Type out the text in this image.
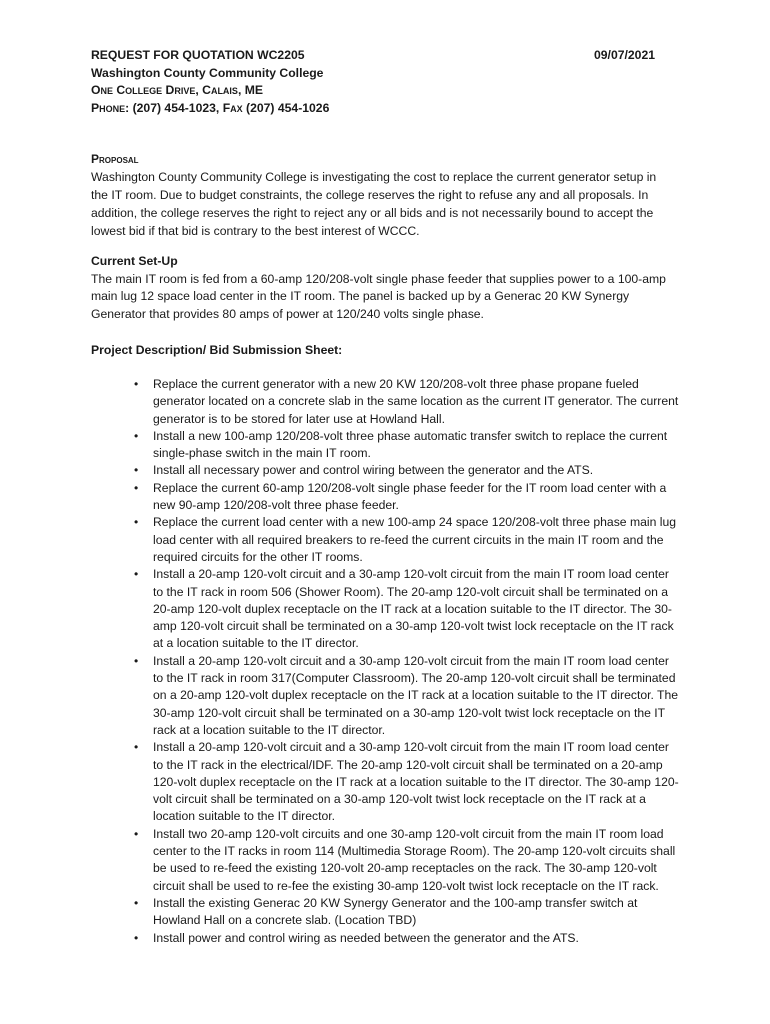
REQUEST FOR QUOTATION WC2205	09/07/2021
Washington County Community College
One College Drive, Calais, ME
Phone: (207) 454-1023, Fax (207) 454-1026
Proposal

Washington County Community College is investigating the cost to replace the current generator setup in the IT room. Due to budget constraints, the college reserves the right to refuse any and all proposals. In addition, the college reserves the right to reject any or all bids and is not necessarily bound to accept the lowest bid if that bid is contrary to the best interest of WCCC.

Current Set-Up

The main IT room is fed from a 60-amp 120/208-volt single phase feeder that supplies power to a 100-amp main lug 12 space load center in the IT room. The panel is backed up by a Generac 20 KW Synergy Generator that provides 80 amps of power at 120/240 volts single phase.

Project Description/ Bid Submission Sheet:
• Replace the current generator with a new 20 KW 120/208-volt three phase propane fueled generator located on a concrete slab in the same location as the current IT generator. The current generator is to be stored for later use at Howland Hall.
• Install a new 100-amp 120/208-volt three phase automatic transfer switch to replace the current single-phase switch in the main IT room.
• Install all necessary power and control wiring between the generator and the ATS.
• Replace the current 60-amp 120/208-volt single phase feeder for the IT room load center with a new 90-amp 120/208-volt three phase feeder.
• Replace the current load center with a new 100-amp 24 space 120/208-volt three phase main lug load center with all required breakers to re-feed the current circuits in the main IT room and the required circuits for the other IT rooms.
• Install a 20-amp 120-volt circuit and a 30-amp 120-volt circuit from the main IT room load center to the IT rack in room 506 (Shower Room). The 20-amp 120-volt circuit shall be terminated on a 20-amp 120-volt duplex receptacle on the IT rack at a location suitable to the IT director. The 30-amp 120-volt circuit shall be terminated on a 30-amp 120-volt twist lock receptacle on the IT rack at a location suitable to the IT director.
• Install a 20-amp 120-volt circuit and a 30-amp 120-volt circuit from the main IT room load center to the IT rack in room 317(Computer Classroom). The 20-amp 120-volt circuit shall be terminated on a 20-amp 120-volt duplex receptacle on the IT rack at a location suitable to the IT director. The 30-amp 120-volt circuit shall be terminated on a 30-amp 120-volt twist lock receptacle on the IT rack at a location suitable to the IT director.
• Install a 20-amp 120-volt circuit and a 30-amp 120-volt circuit from the main IT room load center to the IT rack in the electrical/IDF. The 20-amp 120-volt circuit shall be terminated on a 20-amp 120-volt duplex receptacle on the IT rack at a location suitable to the IT director. The 30-amp 120-volt circuit shall be terminated on a 30-amp 120-volt twist lock receptacle on the IT rack at a location suitable to the IT director.
• Install two 20-amp 120-volt circuits and one 30-amp 120-volt circuit from the main IT room load center to the IT racks in room 114 (Multimedia Storage Room). The 20-amp 120-volt circuits shall be used to re-feed the existing 120-volt 20-amp receptacles on the rack. The 30-amp 120-volt circuit shall be used to re-fee the existing 30-amp 120-volt twist lock receptacle on the IT rack.
• Install the existing Generac 20 KW Synergy Generator and the 100-amp transfer switch at Howland Hall on a concrete slab. (Location TBD)
• Install power and control wiring as needed between the generator and the ATS.
